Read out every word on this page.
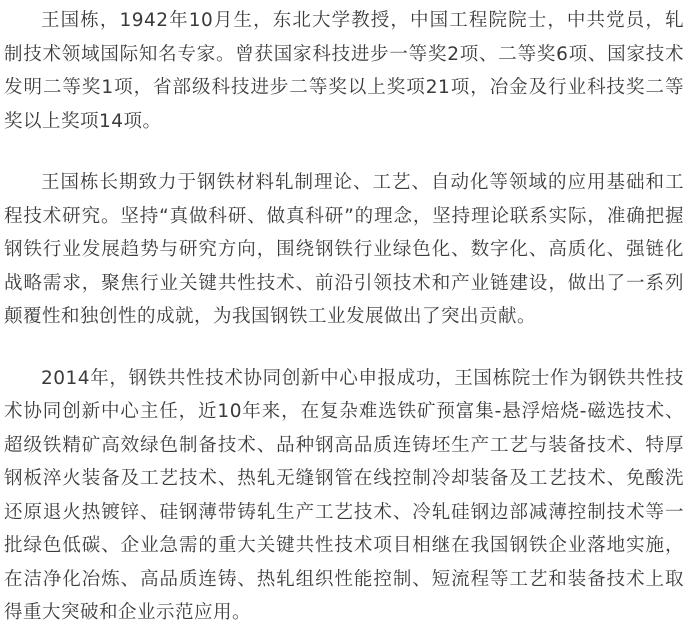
王国栋，1942年10月生，东北大学教授，中国工程院院士，中共党员，轧制技术领域国际知名专家。曾获国家科技进步一等奖2项、二等奖6项、国家技术发明二等奖1项，省部级科技进步二等奖以上奖项21项，冶金及行业科技奖二等奖以上奖项14项。

王国栋长期致力于钢铁材料轧制理论、工艺、自动化等领域的应用基础和工程技术研究。坚持“真做科研、做真科研”的理念，坚持理论联系实际，准确把握钢铁行业发展趋势与研究方向，围绕钢铁行业绿色化、数字化、高质化、强链化战略需求，聚焦行业关键共性技术、前沿引领技术和产业链建设，做出了一系列颠覆性和独创性的成就，为我国钢铁工业发展做出了突出贡献。

2014年，钢铁共性技术协同创新中心申报成功，王国栋院士作为钢铁共性技术协同创新中心主任，近10年来，在复杂难选铁矿预富集-悬浮焙烧-磁选技术、超级铁精矿高效绿色制备技术、品种钢高品质连铸坯生产工艺与装备技术、特厚钢板淬火装备及工艺技术、热轧无缝钢管在线控制冷却装备及工艺技术、免酸洗还原退火热镀锌、硅钢薄带铸轧生产工艺技术、冷轧硅钢边部减薄控制技术等一批绿色低碳、企业急需的重大关键共性技术项目相继在我国钢铁企业落地实施，在洁净化冶炼、高品质连铸、热轧组织性能控制、短流程等工艺和装备技术上取得重大突破和企业示范应用。
